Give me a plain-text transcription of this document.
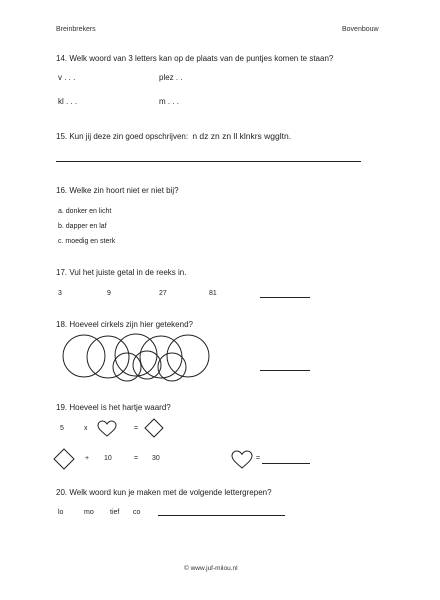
Breinbrekers	Bovenbouw
14. Welk woord van 3 letters kan op de plaats van de puntjes komen te staan?
v . . .	plez . .
kl . . .	m . . .
15. Kun jij deze zin goed opschrijven: n dz zn zn ll klnkrs wggltn.
16. Welke zin hoort niet er niet bij?
a. donker en licht
b. dapper en laf
c. moedig en sterk
17. Vul het juiste getal in de reeks in.
3	9	27	81
18. Hoeveel cirkels zijn hier getekend?
19. Hoeveel is het hartje waard?
5	x	=
+ 10	= 30	=
20. Welk woord kun je maken met de volgende lettergrepen?
lo	mo tief co
© www.juf-milou.nl
